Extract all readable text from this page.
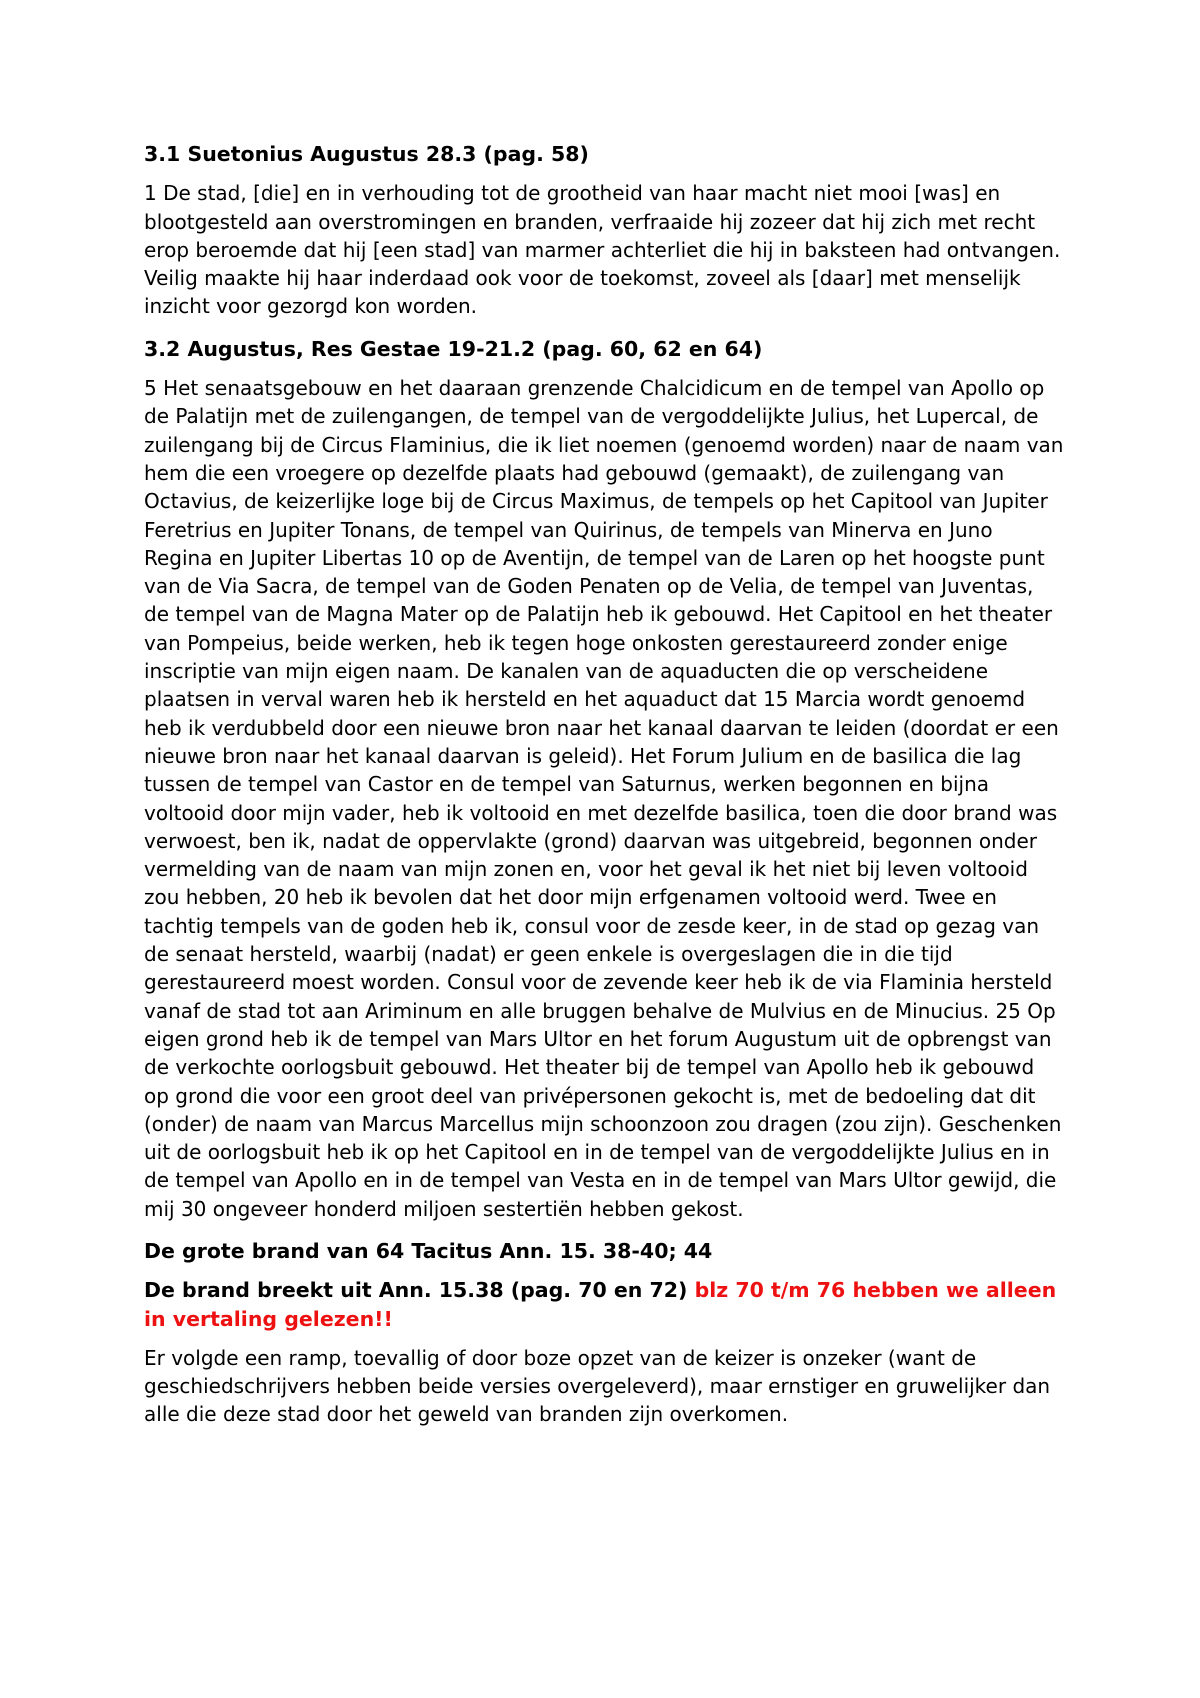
3.1 Suetonius Augustus 28.3 (pag. 58)
1 De stad, [die] en in verhouding tot de grootheid van haar macht niet mooi [was] en blootgesteld aan overstromingen en branden, verfraaide hij zozeer dat hij zich met recht erop beroemde dat hij [een stad] van marmer achterliet die hij in baksteen had ontvangen. Veilig maakte hij haar inderdaad ook voor de toekomst, zoveel als [daar] met menselijk inzicht voor gezorgd kon worden.
3.2 Augustus, Res Gestae 19-21.2 (pag. 60, 62 en 64)
5 Het senaatsgebouw en het daaraan grenzende Chalcidicum en de tempel van Apollo op de Palatijn met de zuilengangen, de tempel van de vergoddelijkte Julius, het Lupercal, de zuilengang bij de Circus Flaminius, die ik liet noemen (genoemd worden) naar de naam van hem die een vroegere op dezelfde plaats had gebouwd (gemaakt), de zuilengang van Octavius, de keizerlijke loge bij de Circus Maximus, de tempels op het Capitool van Jupiter Feretrius en Jupiter Tonans, de tempel van Quirinus, de tempels van Minerva en Juno Regina en Jupiter Libertas 10 op de Aventijn, de tempel van de Laren op het hoogste punt van de Via Sacra, de tempel van de Goden Penaten op de Velia, de tempel van Juventas, de tempel van de Magna Mater op de Palatijn heb ik gebouwd. Het Capitool en het theater van Pompeius, beide werken, heb ik tegen hoge onkosten gerestaureerd zonder enige inscriptie van mijn eigen naam. De kanalen van de aquaducten die op verscheidene plaatsen in verval waren heb ik hersteld en het aquaduct dat 15 Marcia wordt genoemd heb ik verdubbeld door een nieuwe bron naar het kanaal daarvan te leiden (doordat er een nieuwe bron naar het kanaal daarvan is geleid). Het Forum Julium en de basilica die lag tussen de tempel van Castor en de tempel van Saturnus, werken begonnen en bijna voltooid door mijn vader, heb ik voltooid en met dezelfde basilica, toen die door brand was verwoest, ben ik, nadat de oppervlakte (grond) daarvan was uitgebreid, begonnen onder vermelding van de naam van mijn zonen en, voor het geval ik het niet bij leven voltooid zou hebben, 20 heb ik bevolen dat het door mijn erfgenamen voltooid werd. Twee en tachtig tempels van de goden heb ik, consul voor de zesde keer, in de stad op gezag van de senaat hersteld, waarbij (nadat) er geen enkele is overgeslagen die in die tijd gerestaureerd moest worden. Consul voor de zevende keer heb ik de via Flaminia hersteld vanaf de stad tot aan Ariminum en alle bruggen behalve de Mulvius en de Minucius. 25 Op eigen grond heb ik de tempel van Mars Ultor en het forum Augustum uit de opbrengst van de verkochte oorlogsbuit gebouwd. Het theater bij de tempel van Apollo heb ik gebouwd op grond die voor een groot deel van privépersonen gekocht is, met de bedoeling dat dit (onder) de naam van Marcus Marcellus mijn schoonzoon zou dragen (zou zijn). Geschenken uit de oorlogsbuit heb ik op het Capitool en in de tempel van de vergoddelijkte Julius en in de tempel van Apollo en in de tempel van Vesta en in de tempel van Mars Ultor gewijd, die mij 30 ongeveer honderd miljoen sestertiën hebben gekost.
De grote brand van 64 Tacitus Ann. 15. 38-40; 44
De brand breekt uit Ann. 15.38 (pag. 70 en 72) blz 70 t/m 76 hebben we alleen in vertaling gelezen!!
Er volgde een ramp, toevallig of door boze opzet van de keizer is onzeker (want de geschiedschrijvers hebben beide versies overgeleverd), maar ernstiger en gruwelijker dan alle die deze stad door het geweld van branden zijn overkomen.
